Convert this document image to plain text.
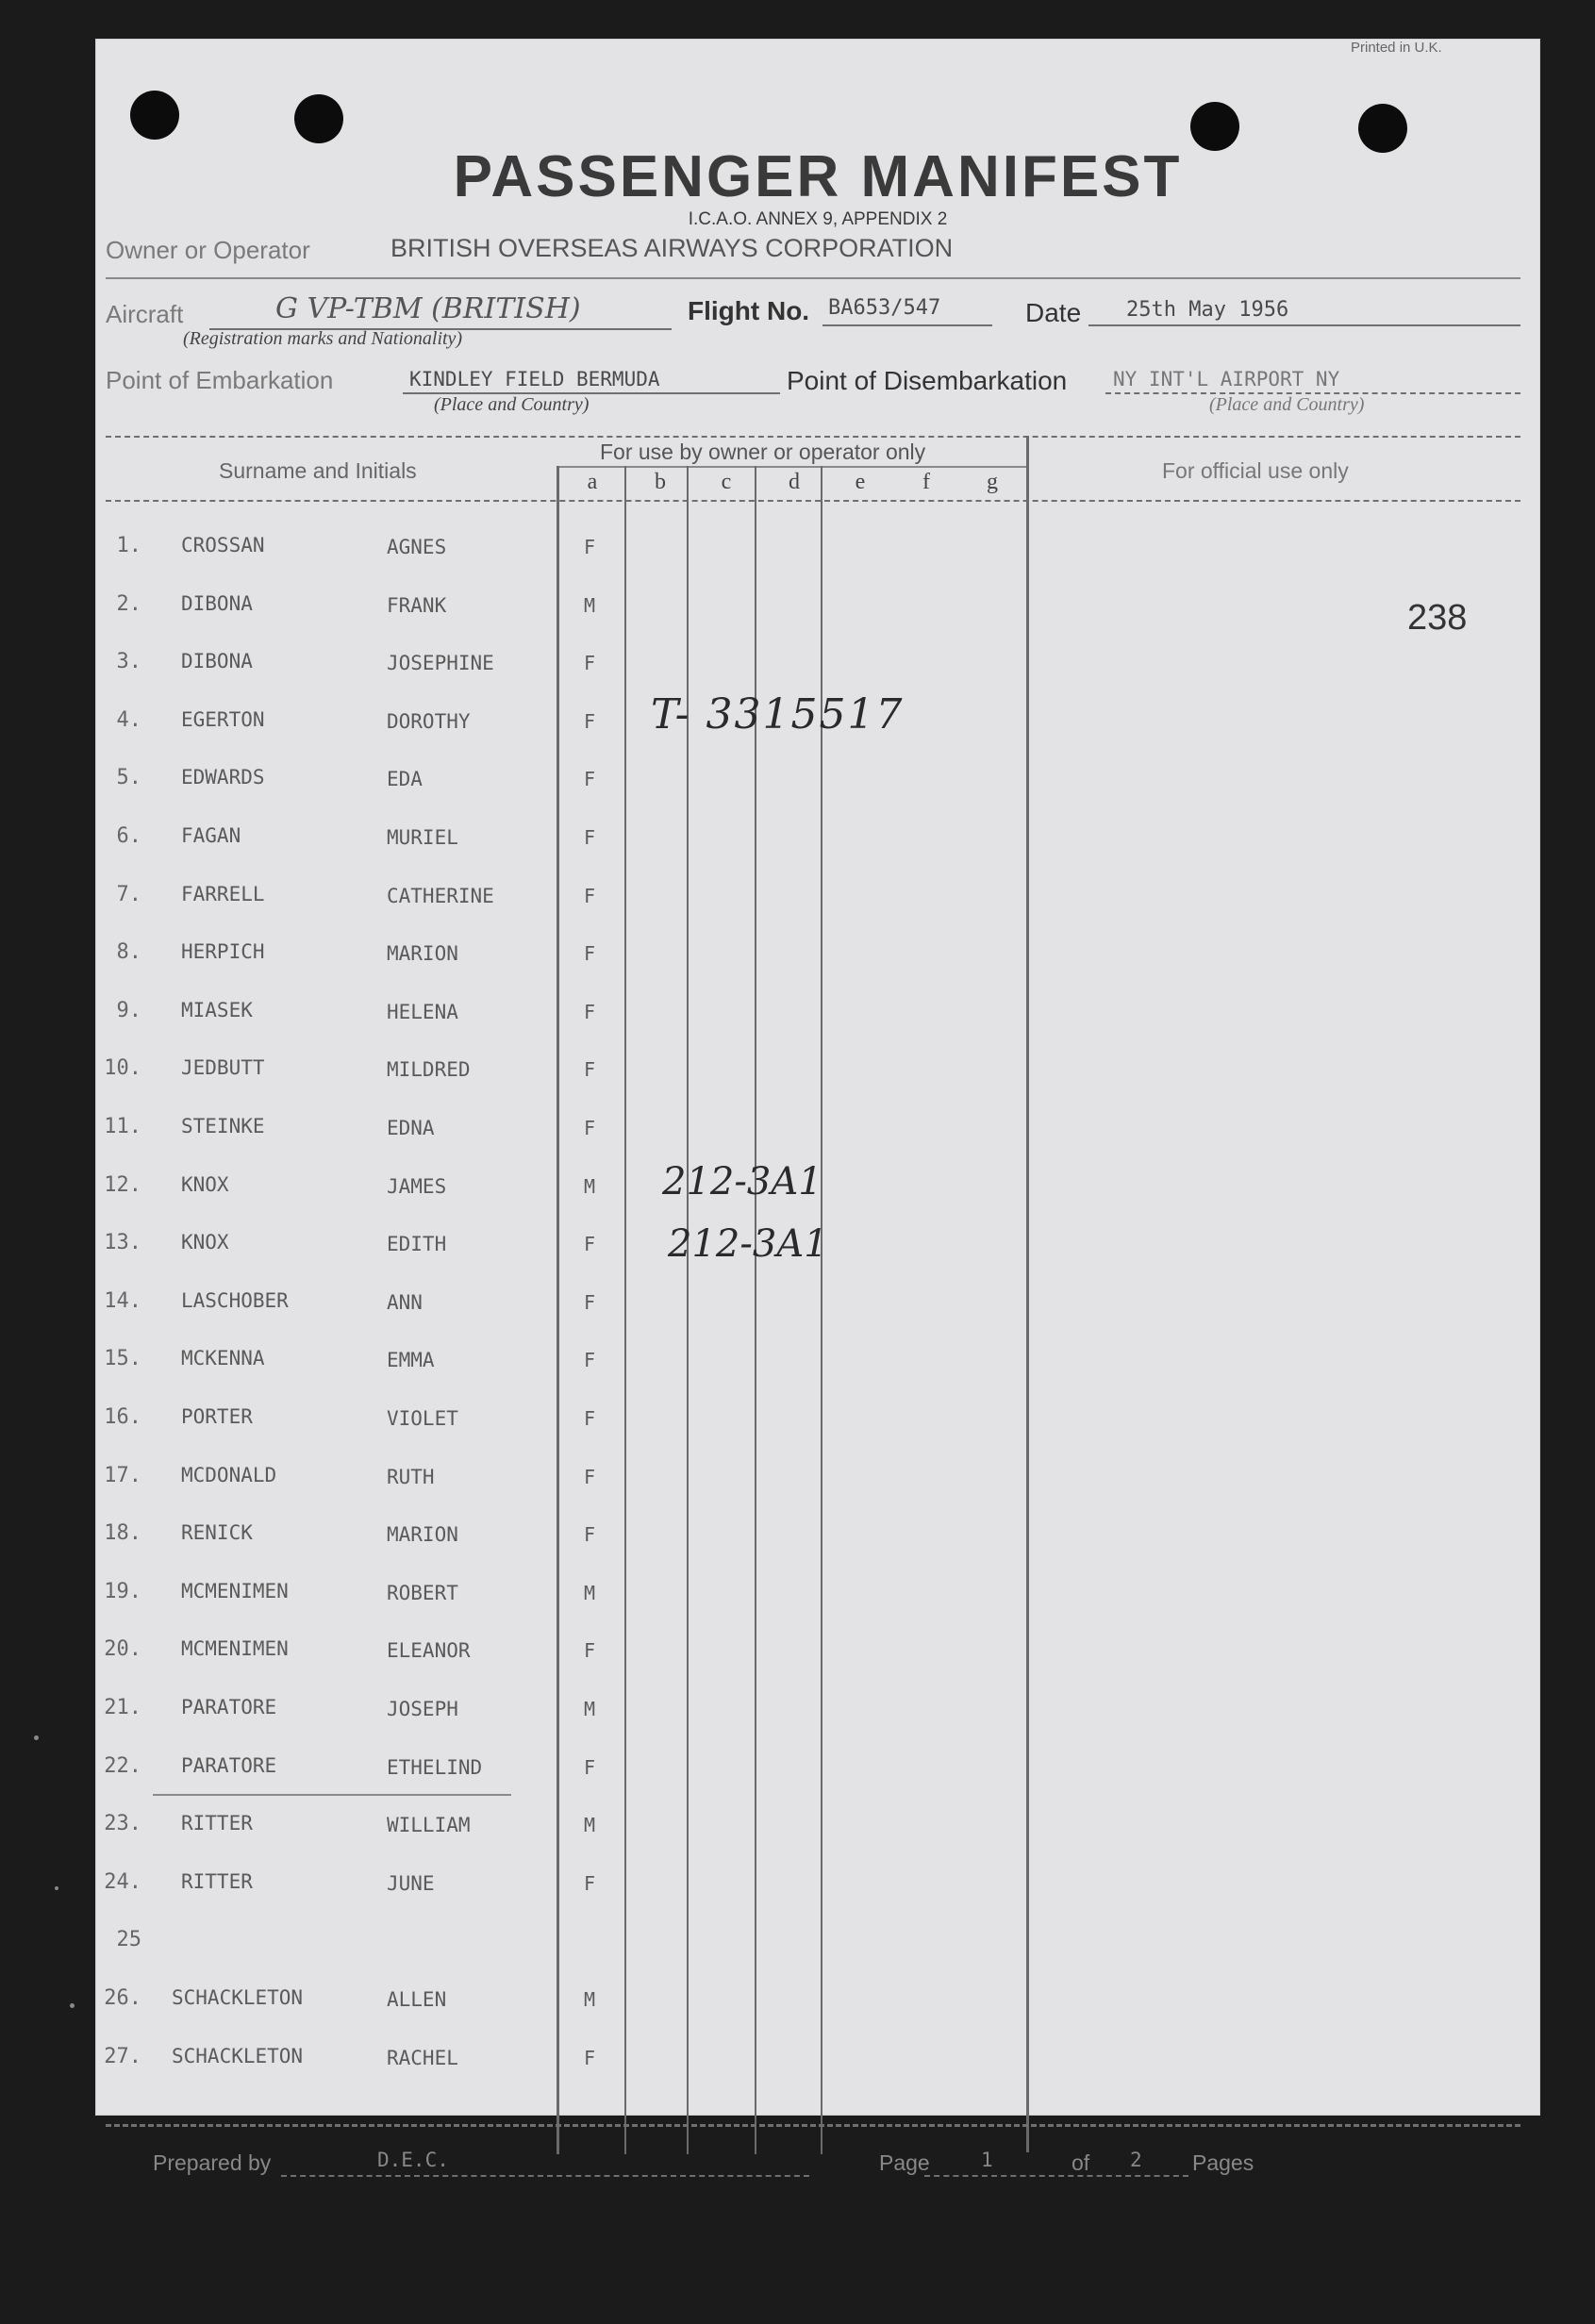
Printed in U.K.
PASSENGER MANIFEST
I.C.A.O. ANNEX 9, APPENDIX 2
Owner or Operator	BRITISH OVERSEAS AIRWAYS CORPORATION
Aircraft	G VP-TBM (BRITISH)	Flight No. BA653/547	Date 25th May 1956
(Registration marks and Nationality)
Point of Embarkation	KINDLEY FIELD BERMUDA
(Place and Country)
Point of Disembarkation NY INT'L AIRPORT NY
(Place and Country)
Surname and Initials
For use by owner or operator only
For official use only
a	b	c	d	e	f	g
1. CROSSAN	AGNES	F
2. DIBONA	FRANK	M
3. DIBONA	JOSEPHINE	F
4. EGERTON	DOROTHY	F
5. EDWARDS	EDA	F
6. FAGAN	MURIEL	F
7. FARRELL	CATHERINE	F
8. HERPICH	MARION	F
9. MIASEK	HELENA	F
10. JEDBUTT	MILDRED	F
11. STEINKE	EDNA	F
12. KNOX	JAMES	M
13. KNOX	EDITH	F
14. LASCHOBER	ANN	F
15. MCKENNA	EMMA	F
16. PORTER	VIOLET	F
17. MCDONALD	RUTH	F
18. RENICK	MARION	F
19. MCMENIMEN	ROBERT	M
20. MCMENIMEN	ELEANOR	F
21. PARATORE	JOSEPH	M
22. PARATORE	ETHELIND	F
23. RITTER	WILLIAM	M
24. RITTER	JUNE	F
25
26. SCHACKLETON	ALLEN	M
27. SCHACKLETON	RACHEL	F
238
T- 3315517
212-3A1
212-3A1
Prepared by	D.E.C.	Page	1	of 2 Pages
